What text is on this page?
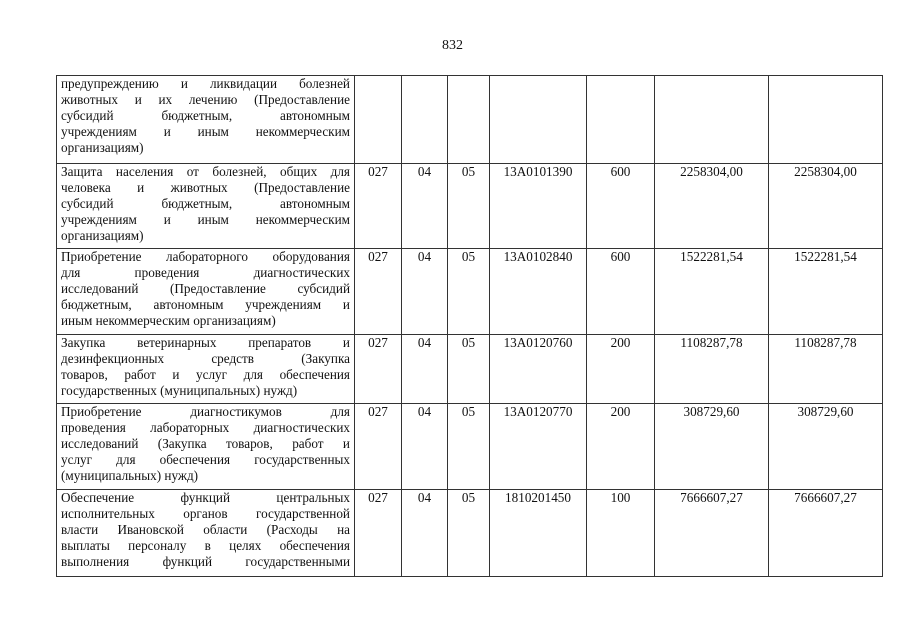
832
предупреждению и ликвидации болезней
животных и их лечению (Предоставление
субсидий бюджетным, автономным
учреждениям и иным некоммерческим
организациям)							

Защита населения от болезней, общих для
человека и животных (Предоставление
субсидий бюджетным, автономным
учреждениям и иным некоммерческим
организациям)	027	04	05	13А0101390	600	2258304,00	2258304,00

Приобретение лабораторного оборудования
для проведения диагностических
исследований (Предоставление субсидий
бюджетным, автономным учреждениям и
иным некоммерческим организациям)	027	04	05	13А0102840	600	1522281,54	1522281,54

Закупка ветеринарных препаратов и
дезинфекционных средств (Закупка
товаров, работ и услуг для обеспечения
государственных (муниципальных) нужд)	027	04	05	13А0120760	200	1108287,78	1108287,78

Приобретение диагностикумов для
проведения лабораторных диагностических
исследований (Закупка товаров, работ и
услуг для обеспечения государственных
(муниципальных) нужд)	027	04	05	13А0120770	200	308729,60	308729,60

Обеспечение функций центральных
исполнительных органов государственной
власти Ивановской области (Расходы на
выплаты персоналу в целях обеспечения
выполнения функций государственными	027	04	05	1810201450	100	7666607,27	7666607,27
